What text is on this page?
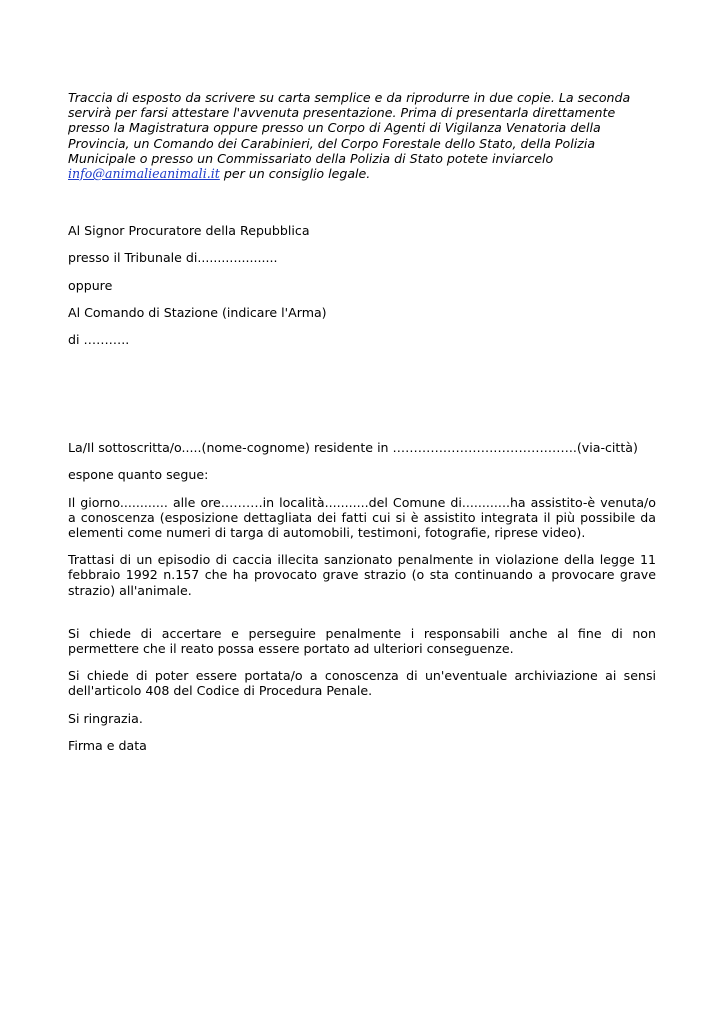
Traccia di esposto da scrivere su carta semplice e da riprodurre in due copie. La seconda servirà per farsi attestare l'avvenuta presentazione. Prima di presentarla direttamente presso la Magistratura oppure presso un Corpo di Agenti di Vigilanza Venatoria della Provincia, un Comando dei Carabinieri, del Corpo Forestale dello Stato, della Polizia Municipale o presso un Commissariato della Polizia di Stato potete inviarcelo info@animalieanimali.it per un consiglio legale.

Al Signor Procuratore della Repubblica

presso il Tribunale di....................

oppure

Al Comando di Stazione (indicare l'Arma)

di ………..

La/Il sottoscritta/o.....(nome-cognome) residente in ……………………………………..(via-città)

espone quanto segue:

Il giorno............ alle ore……….in località...........del Comune di............ha assistito-è venuta/o a conoscenza (esposizione dettagliata dei fatti cui si è assistito integrata il più possibile da elementi come numeri di targa di automobili, testimoni, fotografie, riprese video).

Trattasi di un episodio di caccia illecita sanzionato penalmente in violazione della legge 11 febbraio 1992 n.157 che ha provocato grave strazio (o sta continuando a provocare grave strazio) all'animale.

Si chiede di accertare e perseguire penalmente i responsabili anche al fine di non permettere che il reato possa essere portato ad ulteriori conseguenze.

Si chiede di poter essere portata/o a conoscenza di un'eventuale archiviazione ai sensi dell'articolo 408 del Codice di Procedura Penale.

Si ringrazia.

Firma e data
